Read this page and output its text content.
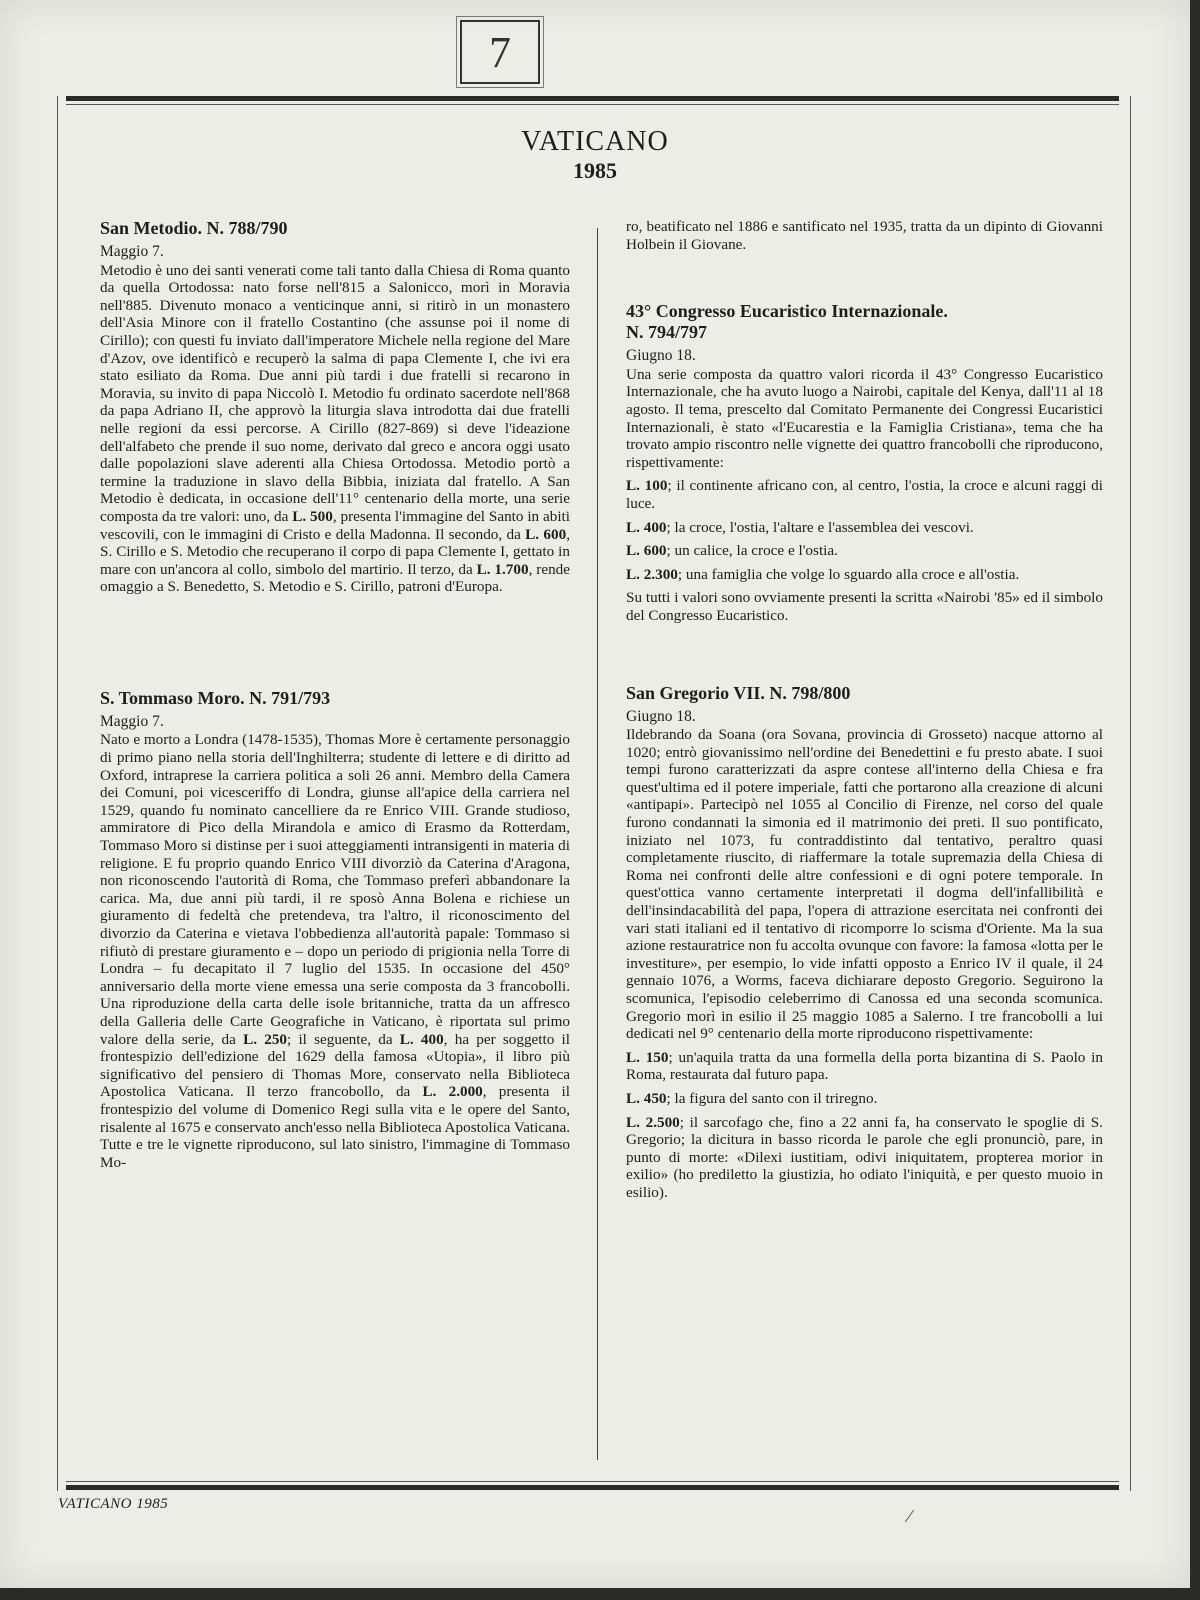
7
VATICANO
1985
San Metodio. N. 788/790
Maggio 7.

Metodio è uno dei santi venerati come tali tanto dalla Chiesa di Roma quanto da quella Ortodossa: nato forse nell'815 a Salonicco, morì in Moravia nell'885. Divenuto monaco a venticinque anni, si ritirò in un monastero dell'Asia Minore con il fratello Costantino (che assunse poi il nome di Cirillo); con questi fu inviato dall'imperatore Michele nella regione del Mare d'Azov, ove identificò e recuperò la salma di papa Clemente I, che ivi era stato esiliato da Roma. Due anni più tardi i due fratelli si recarono in Moravia, su invito di papa Niccolò I. Metodio fu ordinato sacerdote nell'868 da papa Adriano II, che approvò la liturgia slava introdotta dai due fratelli nelle regioni da essi percorse. A Cirillo (827-869) si deve l'ideazione dell'alfabeto che prende il suo nome, derivato dal greco e ancora oggi usato dalle popolazioni slave aderenti alla Chiesa Ortodossa. Metodio portò a termine la traduzione in slavo della Bibbia, iniziata dal fratello. A San Metodio è dedicata, in occasione dell'11° centenario della morte, una serie composta da tre valori: uno, da L. 500, presenta l'immagine del Santo in abiti vescovili, con le immagini di Cristo e della Madonna. Il secondo, da L. 600, S. Cirillo e S. Metodio che recuperano il corpo di papa Clemente I, gettato in mare con un'ancora al collo, simbolo del martirio. Il terzo, da L. 1.700, rende omaggio a S. Benedetto, S. Metodio e S. Cirillo, patroni d'Europa.

S. Tommaso Moro. N. 791/793
Maggio 7.

Nato e morto a Londra (1478-1535), Thomas More è certamente personaggio di primo piano nella storia dell'Inghilterra; studente di lettere e di diritto ad Oxford, intraprese la carriera politica a soli 26 anni. Membro della Camera dei Comuni, poi vicesceriffo di Londra, giunse all'apice della carriera nel 1529, quando fu nominato cancelliere da re Enrico VIII. Grande studioso, ammiratore di Pico della Mirandola e amico di Erasmo da Rotterdam, Tommaso Moro si distinse per i suoi atteggiamenti intransigenti in materia di religione. E fu proprio quando Enrico VIII divorziò da Caterina d'Aragona, non riconoscendo l'autorità di Roma, che Tommaso preferì abbandonare la carica. Ma, due anni più tardi, il re sposò Anna Bolena e richiese un giuramento di fedeltà che pretendeva, tra l'altro, il riconoscimento del divorzio da Caterina e vietava l'obbedienza all'autorità papale: Tommaso si rifiutò di prestare giuramento e – dopo un periodo di prigionia nella Torre di Londra – fu decapitato il 7 luglio del 1535. In occasione del 450° anniversario della morte viene emessa una serie composta da 3 francobolli. Una riproduzione della carta delle isole britanniche, tratta da un affresco della Galleria delle Carte Geografiche in Vaticano, è riportata sul primo valore della serie, da L. 250; il seguente, da L. 400, ha per soggetto il frontespizio dell'edizione del 1629 della famosa «Utopia», il libro più significativo del pensiero di Thomas More, conservato nella Biblioteca Apostolica Vaticana. Il terzo francobollo, da L. 2.000, presenta il frontespizio del volume di Domenico Regi sulla vita e le opere del Santo, risalente al 1675 e conservato anch'esso nella Biblioteca Apostolica Vaticana. Tutte e tre le vignette riproducono, sul lato sinistro, l'immagine di Tommaso Mo-

ro, beatificato nel 1886 e santificato nel 1935, tratta da un dipinto di Giovanni Holbein il Giovane.

43° Congresso Eucaristico Internazionale.
N. 794/797
Giugno 18.

Una serie composta da quattro valori ricorda il 43° Congresso Eucaristico Internazionale, che ha avuto luogo a Nairobi, capitale del Kenya, dall'11 al 18 agosto. Il tema, prescelto dal Comitato Permanente dei Congressi Eucaristici Internazionali, è stato «l'Eucarestia e la Famiglia Cristiana», tema che ha trovato ampio riscontro nelle vignette dei quattro francobolli che riproducono, rispettivamente:

L. 100; il continente africano con, al centro, l'ostia, la croce e alcuni raggi di luce.

L. 400; la croce, l'ostia, l'altare e l'assemblea dei vescovi.

L. 600; un calice, la croce e l'ostia.

L. 2.300; una famiglia che volge lo sguardo alla croce e all'ostia.

Su tutti i valori sono ovviamente presenti la scritta «Nairobi '85» ed il simbolo del Congresso Eucaristico.

San Gregorio VII. N. 798/800
Giugno 18.

Ildebrando da Soana (ora Sovana, provincia di Grosseto) nacque attorno al 1020; entrò giovanissimo nell'ordine dei Benedettini e fu presto abate. I suoi tempi furono caratterizzati da aspre contese all'interno della Chiesa e fra quest'ultima ed il potere imperiale, fatti che portarono alla creazione di alcuni «antipapi». Partecipò nel 1055 al Concilio di Firenze, nel corso del quale furono condannati la simonia ed il matrimonio dei preti. Il suo pontificato, iniziato nel 1073, fu contraddistinto dal tentativo, peraltro quasi completamente riuscito, di riaffermare la totale supremazia della Chiesa di Roma nei confronti delle altre confessioni e di ogni potere temporale. In quest'ottica vanno certamente interpretati il dogma dell'infallibilità e dell'insindacabilità del papa, l'opera di attrazione esercitata nei confronti dei vari stati italiani ed il tentativo di ricomporre lo scisma d'Oriente. Ma la sua azione restauratrice non fu accolta ovunque con favore: la famosa «lotta per le investiture», per esempio, lo vide infatti opposto a Enrico IV il quale, il 24 gennaio 1076, a Worms, faceva dichiarare deposto Gregorio. Seguirono la scomunica, l'episodio celeberrimo di Canossa ed una seconda scomunica. Gregorio morì in esilio il 25 maggio 1085 a Salerno. I tre francobolli a lui dedicati nel 9° centenario della morte riproducono rispettivamente:

L. 150; un'aquila tratta da una formella della porta bizantina di S. Paolo in Roma, restaurata dal futuro papa.

L. 450; la figura del santo con il triregno.

L. 2.500; il sarcofago che, fino a 22 anni fa, ha conservato le spoglie di S. Gregorio; la dicitura in basso ricorda le parole che egli pronunciò, pare, in punto di morte: «Dilexi iustitiam, odivi iniquitatem, propterea morior in exilio» (ho prediletto la giustizia, ho odiato l'iniquità, e per questo muoio in esilio).

VATICANO 1985
⁄
